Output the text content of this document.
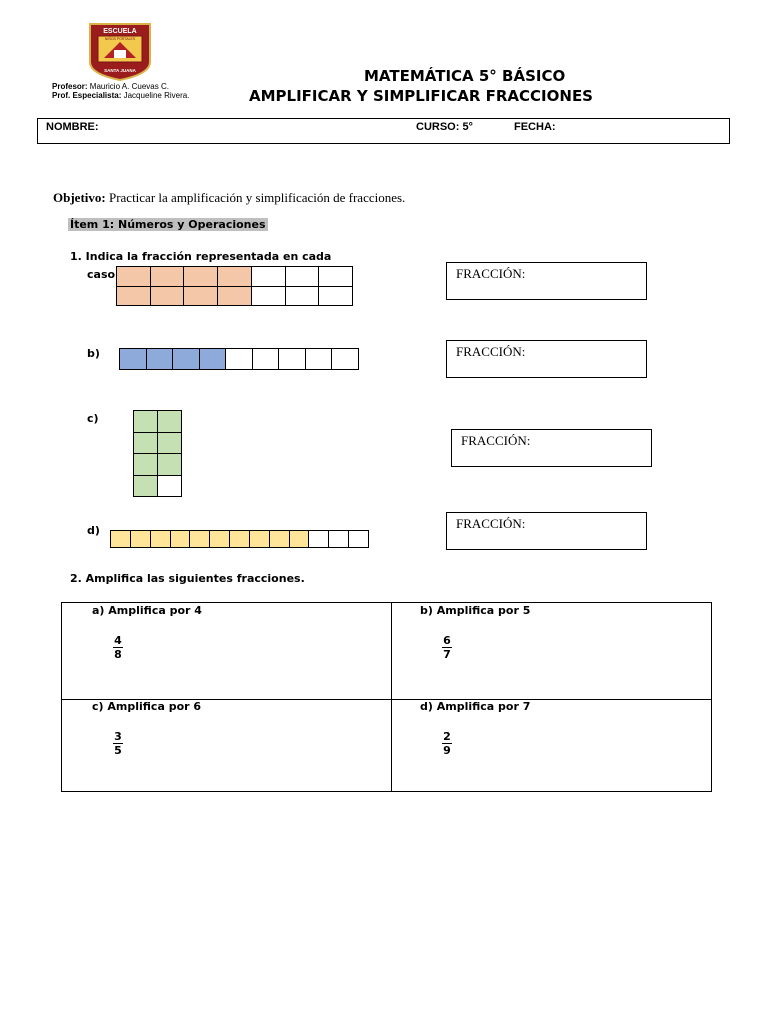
ESCUELA
NIÑOS PORTALES
SANTA JUANA
Profesor: Mauricio A. Cuevas C.
Prof. Especialista: Jacqueline Rivera.
MATEMÁTICA 5° BÁSICO
AMPLIFICAR Y SIMPLIFICAR FRACCIONES
NOMBRE:	CURSO: 5°	FECHA:
Objetivo: Practicar la amplificación y simplificación de fracciones.
Ítem 1: Números y Operaciones
1. Indica la fracción representada en cada
caso	FRACCIÓN:
b)	FRACCIÓN:
c)
FRACCIÓN:
d)	FRACCIÓN:
2. Amplifica las siguientes fracciones.
a) Amplifica por 4
$\frac{4}{8}$
b) Amplifica por 5
$\frac{6}{7}$
c) Amplifica por 6
$\frac{3}{5}$
d) Amplifica por 7
$\frac{2}{9}$
